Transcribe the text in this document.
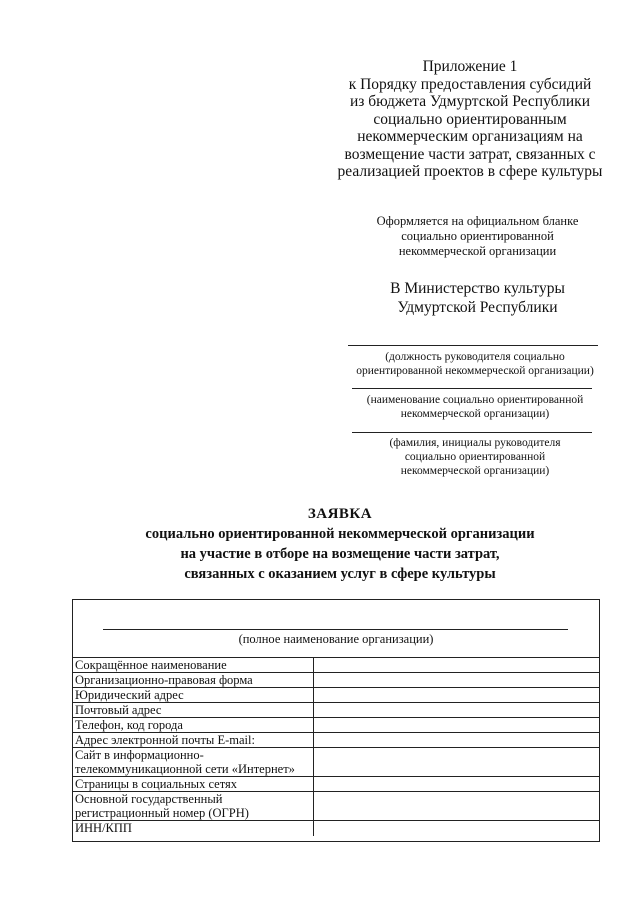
Приложение 1
к Порядку предоставления субсидий
из бюджета Удмуртской Республики
социально ориентированным
некоммерческим организациям на
возмещение части затрат, связанных с
реализацией проектов в сфере культуры
Оформляется на официальном бланке
социально ориентированной
некоммерческой организации
В Министерство культуры
Удмуртской Республики
(должность руководителя социально
ориентированной некоммерческой организации)
(наименование социально ориентированной
некоммерческой организации)
(фамилия, инициалы руководителя
социально ориентированной
некоммерческой организации)
ЗАЯВКА
социально ориентированной некоммерческой организации
на участие в отборе на возмещение части затрат,
связанных с оказанием услуг в сфере культуры
(полное наименование организации)
Сокращённое наименование	
Организационно-правовая форма	
Юридический адрес	
Почтовый адрес	
Телефон, код города	
Адрес электронной почты E-mail:	
Сайт в информационно-телекоммуникационной сети «Интернет»	
Страницы в социальных сетях	
Основной государственный регистрационный номер (ОГРН)	
ИНН/КПП	
